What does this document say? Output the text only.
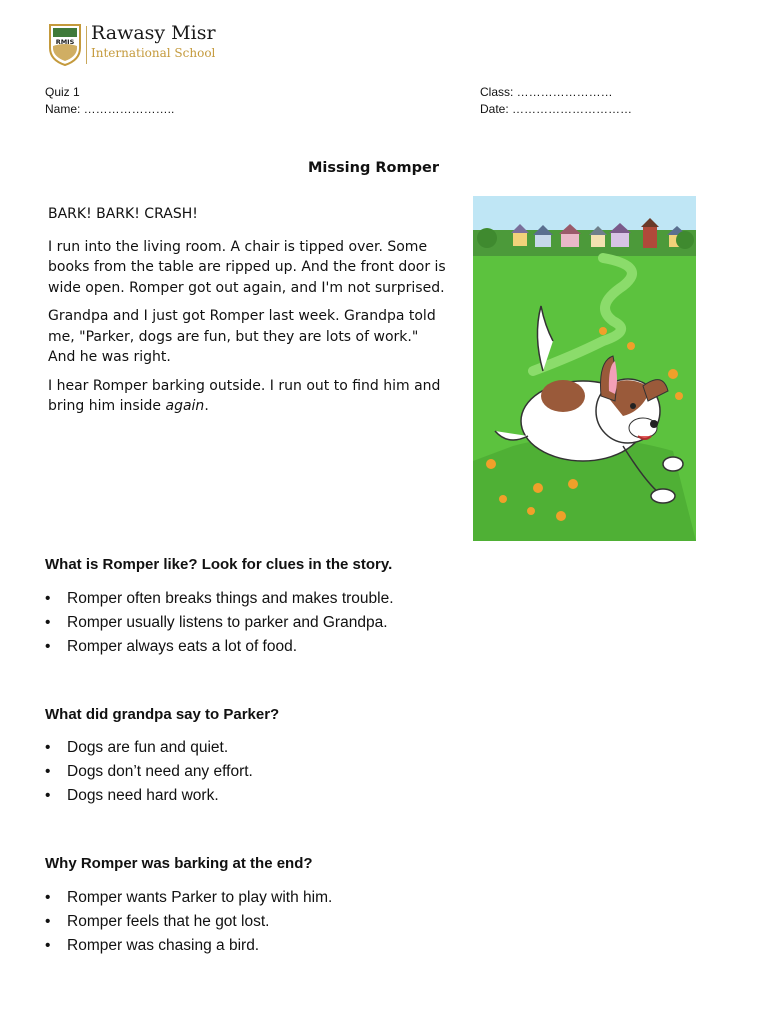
RMIS Rawasy Misr
International School
Quiz 1
Name: …………………..
Class: ……………………
Date: …………………………
Missing Romper

BARK! BARK! CRASH!

I run into the living room. A chair is tipped over. Some books from the table are ripped up. And the front door is wide open. Romper got out again, and I'm not surprised.

Grandpa and I just got Romper last week. Grandpa told me, "Parker, dogs are fun, but they are lots of work." And he was right.

I hear Romper barking outside. I run out to find him and bring him inside again.

What is Romper like? Look for clues in the story.
• Romper often breaks things and makes trouble.
• Romper usually listens to parker and Grandpa.
• Romper always eats a lot of food.
What did grandpa say to Parker?
• Dogs are fun and quiet.
• Dogs don’t need any effort.
• Dogs need hard work.
Why Romper was barking at the end?
• Romper wants Parker to play with him.
• Romper feels that he got lost.
• Romper was chasing a bird.
